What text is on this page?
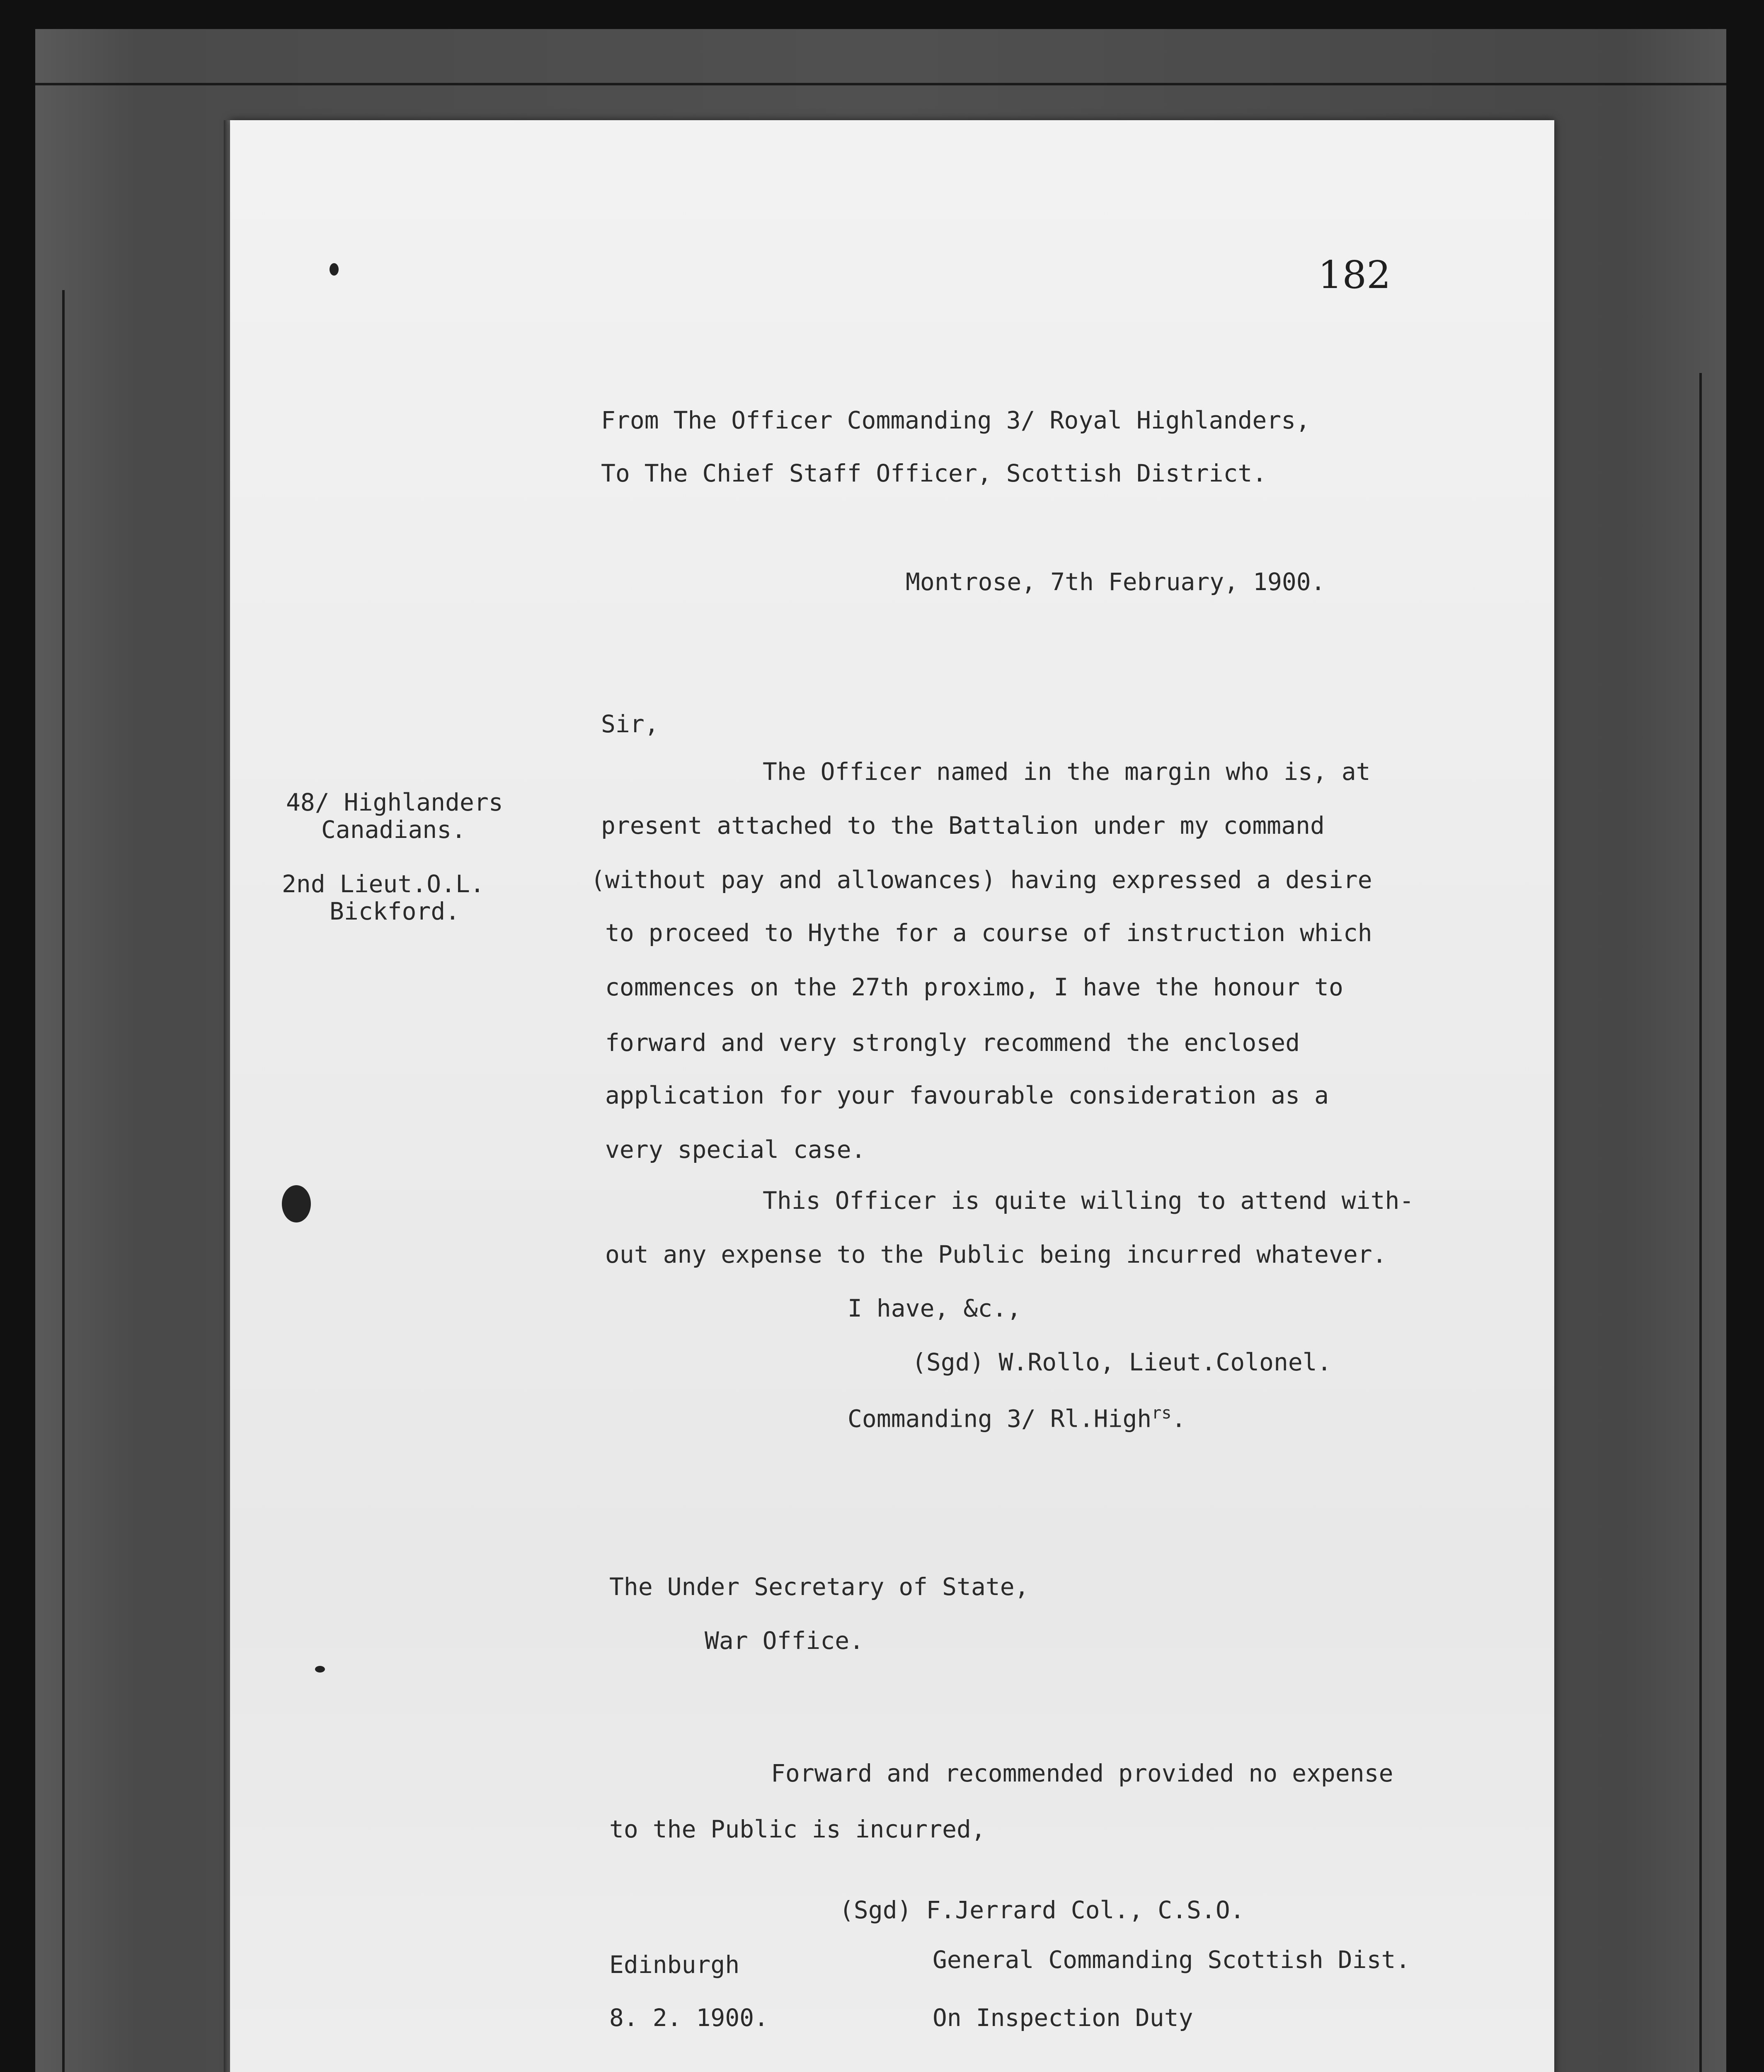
182
From The Officer Commanding 3/ Royal Highlanders,
To The Chief Staff Officer, Scottish District.
Montrose, 7th February, 1900.
48/ Highlanders
Canadians.
2nd Lieut.O.L.
Bickford.
Sir,
The Officer named in the margin who is, at
present attached to the Battalion under my command
(without pay and allowances) having expressed a desire
to proceed to Hythe for a course of instruction which
commences on the 27th proximo, I have the honour to
forward and very strongly recommend the enclosed
application for your favourable consideration as a
very special case.
This Officer is quite willing to attend with-
out any expense to the Public being incurred whatever.
I have, &c.,
(Sgd) W.Rollo, Lieut.Colonel.
Commanding 3/ Rl.High$^{rs}$.
The Under Secretary of State,
War Office.
Forward and recommended provided no expense
to the Public is incurred,
(Sgd) F.Jerrard Col., C.S.O.
Edinburgh	General Commanding Scottish Dist.
8. 2. 1900.	On Inspection Duty
